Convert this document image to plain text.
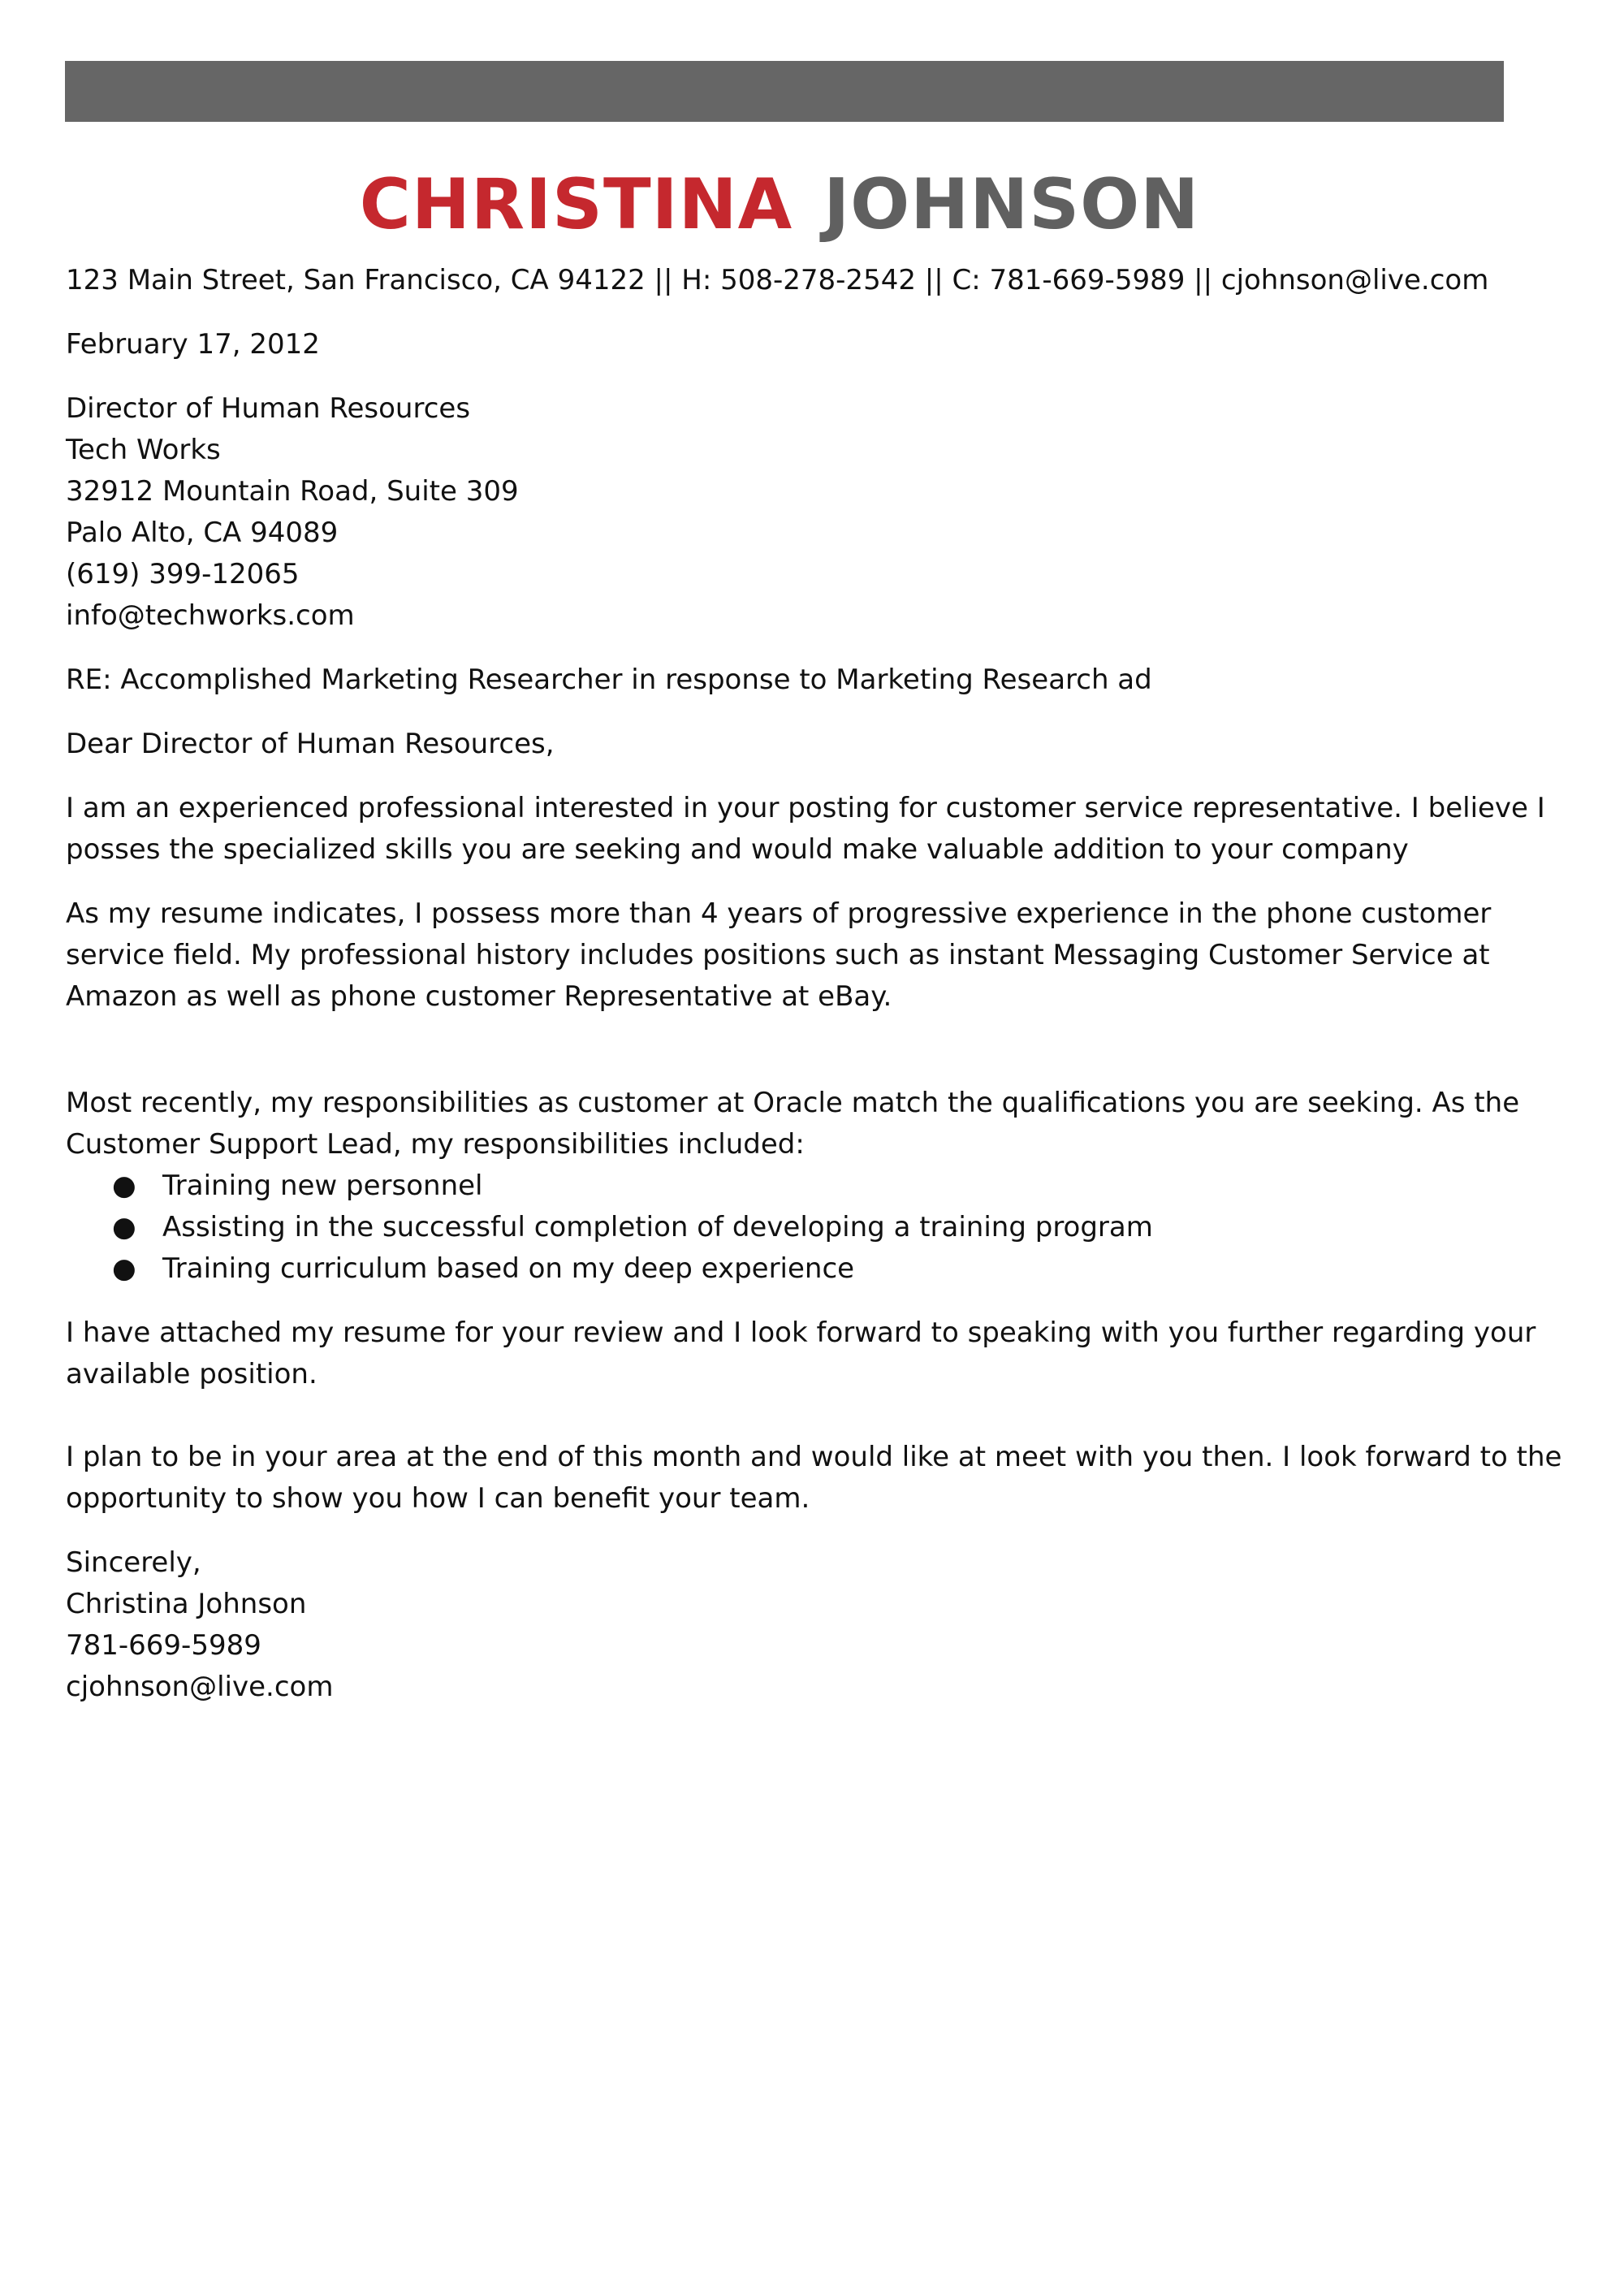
CHRISTINA JOHNSON
123 Main Street, San Francisco, CA 94122 || H: 508-278-2542 || C: 781-669-5989 || cjohnson@live.com
February 17, 2012
Director of Human Resources
Tech Works
32912 Mountain Road, Suite 309
Palo Alto, CA 94089
(619) 399-12065
info@techworks.com
RE: Accomplished Marketing Researcher in response to Marketing Research ad
Dear Director of Human Resources,
I am an experienced professional interested in your posting for customer service representative. I believe I
posses the specialized skills you are seeking and would make valuable addition to your company
As my resume indicates, I possess more than 4 years of progressive experience in the phone customer
service field. My professional history includes positions such as instant Messaging Customer Service at
Amazon as well as phone customer Representative at eBay.
Most recently, my responsibilities as customer at Oracle match the qualifications you are seeking. As the
Customer Support Lead, my responsibilities included:
● Training new personnel
● Assisting in the successful completion of developing a training program
● Training curriculum based on my deep experience
I have attached my resume for your review and I look forward to speaking with you further regarding your
available position.
I plan to be in your area at the end of this month and would like at meet with you then. I look forward to the
opportunity to show you how I can benefit your team.
Sincerely,
Christina Johnson
781-669-5989
cjohnson@live.com
